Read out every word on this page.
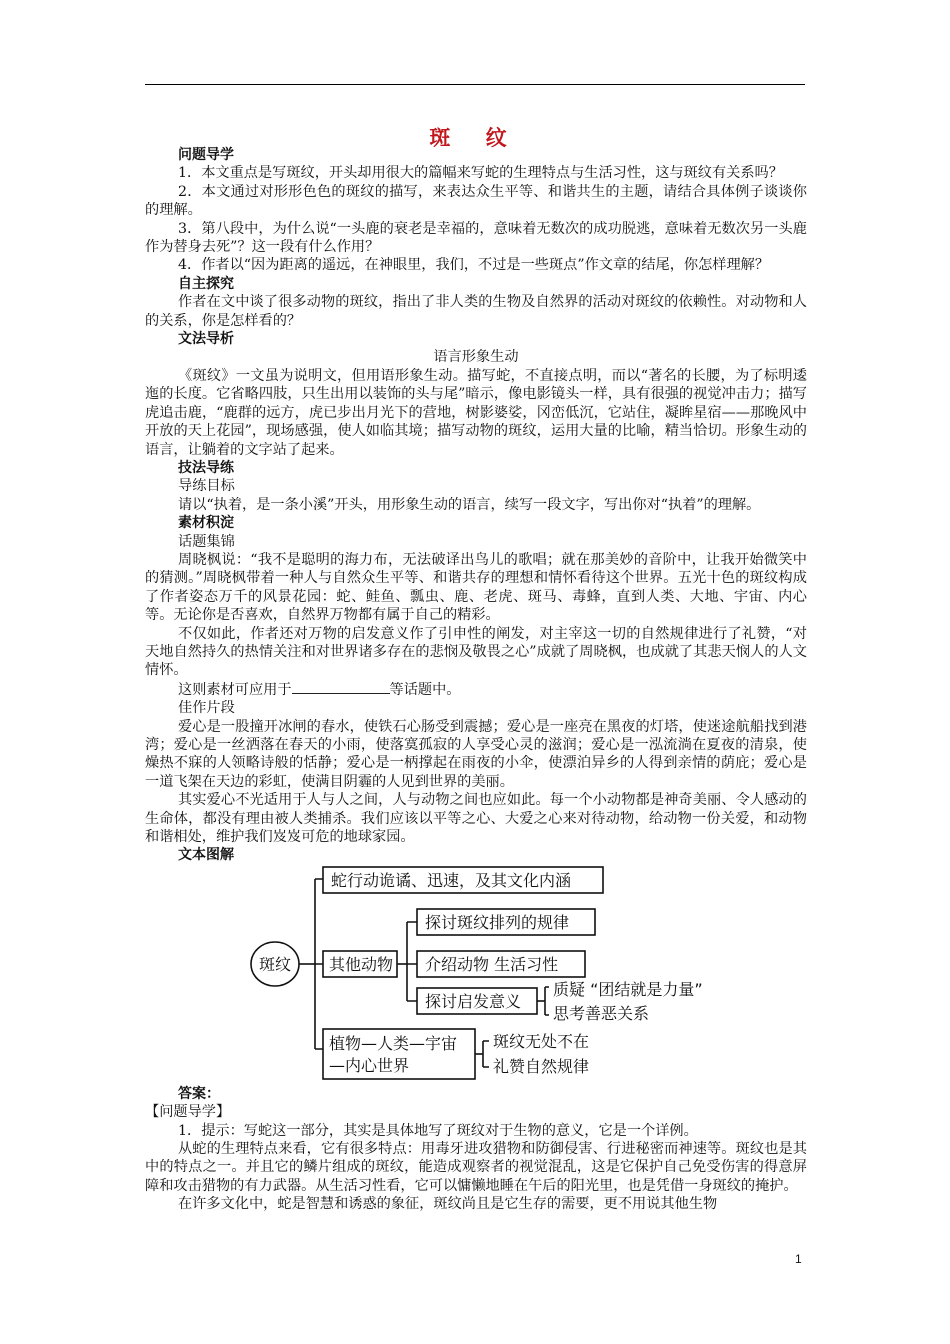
斑 纹

问题导学

1．本文重点是写斑纹，开头却用很大的篇幅来写蛇的生理特点与生活习性，这与斑纹有关系吗？

2．本文通过对形形色色的斑纹的描写，来表达众生平等、和谐共生的主题，请结合具体例子谈谈你的理解。

3．第八段中，为什么说“一头鹿的衰老是幸福的，意味着无数次的成功脱逃，意味着无数次另一头鹿作为替身去死”？这一段有什么作用？

4．作者以“因为距离的遥远，在神眼里，我们，不过是一些斑点”作文章的结尾，你怎样理解？

自主探究

作者在文中谈了很多动物的斑纹，指出了非人类的生物及自然界的活动对斑纹的依赖性。对动物和人的关系，你是怎样看的？

文法导析

语言形象生动

《斑纹》一文虽为说明文，但用语形象生动。描写蛇，不直接点明，而以“著名的长腰，为了标明逶迤的长度。它省略四肢，只生出用以装饰的头与尾”暗示，像电影镜头一样，具有很强的视觉冲击力；描写虎追击鹿，“鹿群的远方，虎已步出月光下的营地，树影婆娑，冈峦低沉，它站住，凝眸星宿——那晚风中开放的天上花园”，现场感强，使人如临其境；描写动物的斑纹，运用大量的比喻，精当恰切。形象生动的语言，让躺着的文字站了起来。

技法导练

导练目标

请以“执着，是一条小溪”开头，用形象生动的语言，续写一段文字，写出你对“执着”的理解。

素材积淀

话题集锦

周晓枫说：“我不是聪明的海力布，无法破译出鸟儿的歌唱；就在那美妙的音阶中，让我开始微笑中的猜测。”周晓枫带着一种人与自然众生平等、和谐共存的理想和情怀看待这个世界。五光十色的斑纹构成了作者姿态万千的风景花园：蛇、鲑鱼、瓢虫、鹿、老虎、斑马、毒蜂，直到人类、大地、宇宙、内心等。无论你是否喜欢，自然界万物都有属于自己的精彩。

不仅如此，作者还对万物的启发意义作了引申性的阐发，对主宰这一切的自然规律进行了礼赞，“对天地自然持久的热情关注和对世界诸多存在的悲悯及敬畏之心”成就了周晓枫，也成就了其悲天悯人的人文情怀。

这则素材可应用于	等话题中。

佳作片段

爱心是一股撞开冰闸的春水，使铁石心肠受到震撼；爱心是一座亮在黑夜的灯塔，使迷途航船找到港湾；爱心是一丝洒落在春天的小雨，使落寞孤寂的人享受心灵的滋润；爱心是一泓流淌在夏夜的清泉，使燥热不寐的人领略诗般的恬静；爱心是一柄撑起在雨夜的小伞，使漂泊异乡的人得到亲情的荫庇；爱心是一道飞架在天边的彩虹，使满目阴霾的人见到世界的美丽。

其实爱心不光适用于人与人之间，人与动物之间也应如此。每一个小动物都是神奇美丽、令人感动的生命体，都没有理由被人类捕杀。我们应该以平等之心、大爱之心来对待动物，给动物一份关爱，和动物和谐相处，维护我们岌岌可危的地球家园。

文本图解

斑纹
蛇行动诡谲、迅速，及其文化内涵
其他动物
植物—人类—宇宙
—内心世界
探讨斑纹排列的规律
介绍动物 生活习性
探讨启发意义
质疑 “团结就是力量”
思考善恶关系
斑纹无处不在
礼赞自然规律

答案：

【问题导学】

1．提示：写蛇这一部分，其实是具体地写了斑纹对于生物的意义，它是一个详例。

从蛇的生理特点来看，它有很多特点：用毒牙进攻猎物和防御侵害、行进秘密而神速等。斑纹也是其中的特点之一。并且它的鳞片组成的斑纹，能造成观察者的视觉混乱，这是它保护自己免受伤害的得意屏障和攻击猎物的有力武器。从生活习性看，它可以慵懒地睡在午后的阳光里，也是凭借一身斑纹的掩护。

在许多文化中，蛇是智慧和诱惑的象征，斑纹尚且是它生存的需要，更不用说其他生物

1
